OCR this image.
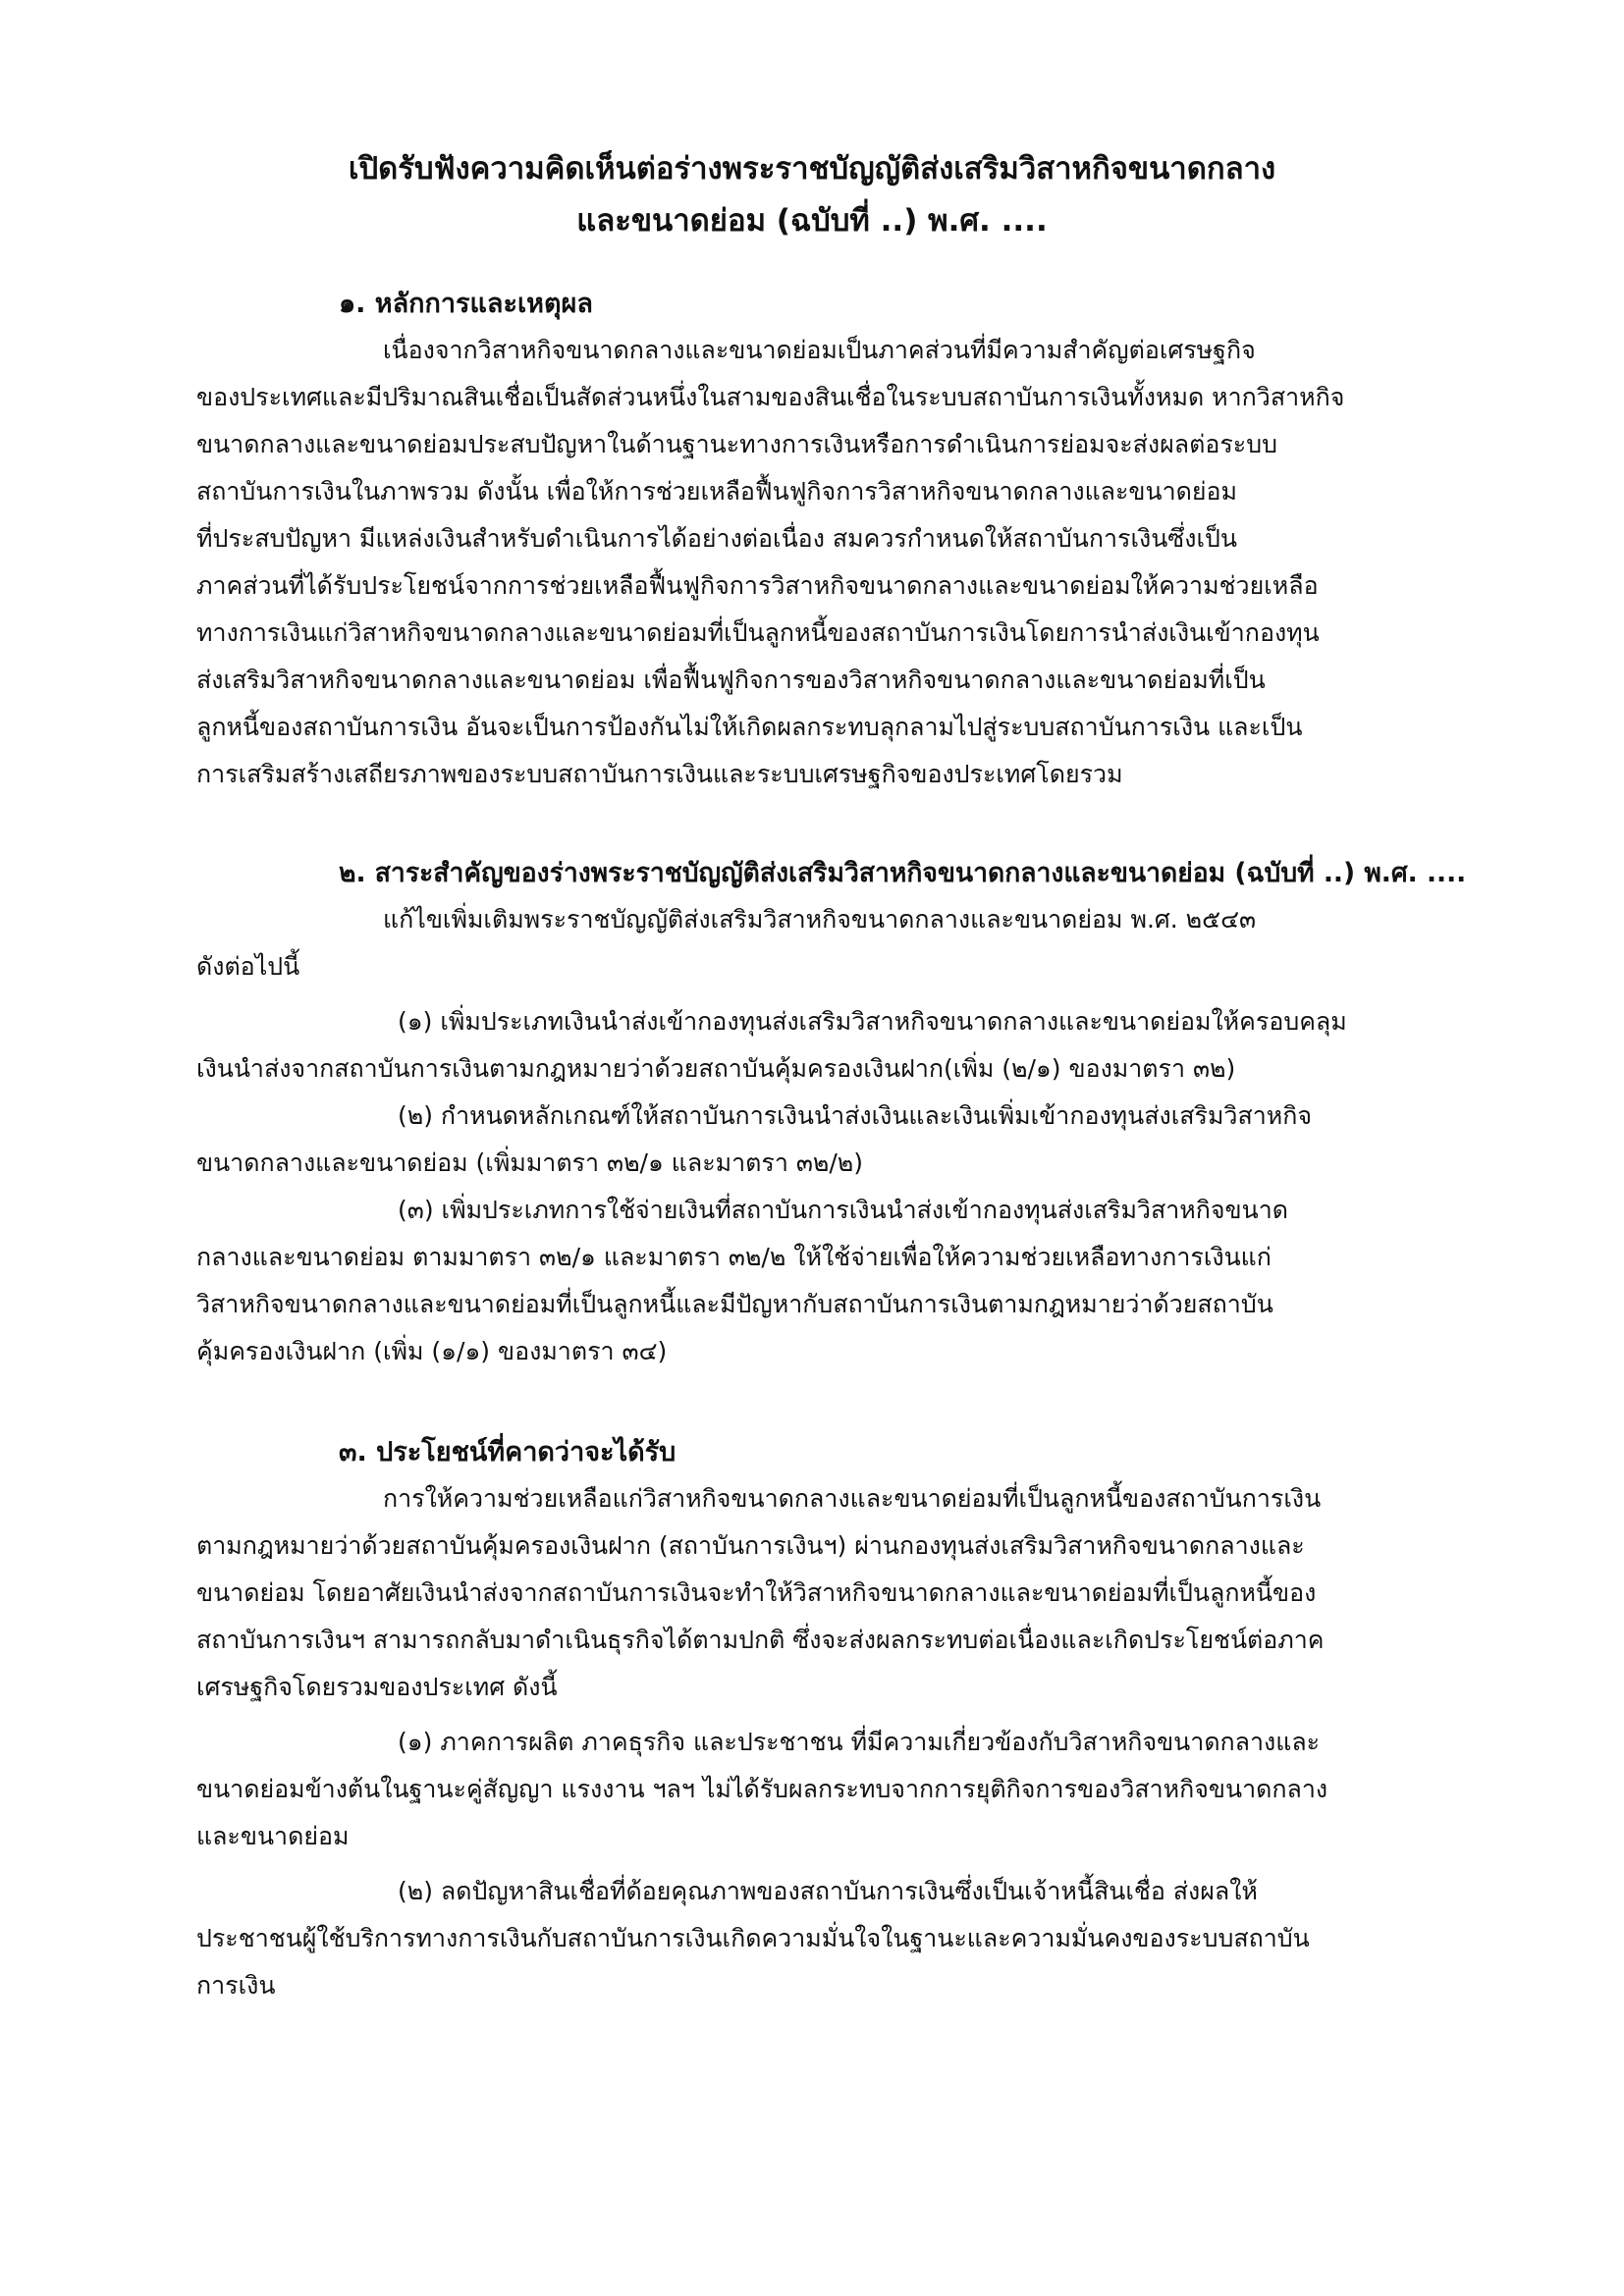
เปิดรับฟังความคิดเห็นต่อร่างพระราชบัญญัติส่งเสริมวิสาหกิจขนาดกลาง
และขนาดย่อม (ฉบับที่ ..) พ.ศ. ....
๑. หลักการและเหตุผล
เนื่องจากวิสาหกิจขนาดกลางและขนาดย่อมเป็นภาคส่วนที่มีความสำคัญต่อเศรษฐกิจ
ของประเทศและมีปริมาณสินเชื่อเป็นสัดส่วนหนึ่งในสามของสินเชื่อในระบบสถาบันการเงินทั้งหมด หากวิสาหกิจ
ขนาดกลางและขนาดย่อมประสบปัญหาในด้านฐานะทางการเงินหรือการดำเนินการย่อมจะส่งผลต่อระบบ
สถาบันการเงินในภาพรวม ดังนั้น เพื่อให้การช่วยเหลือฟื้นฟูกิจการวิสาหกิจขนาดกลางและขนาดย่อม
ที่ประสบปัญหา มีแหล่งเงินสำหรับดำเนินการได้อย่างต่อเนื่อง สมควรกำหนดให้สถาบันการเงินซึ่งเป็น
ภาคส่วนที่ได้รับประโยชน์จากการช่วยเหลือฟื้นฟูกิจการวิสาหกิจขนาดกลางและขนาดย่อมให้ความช่วยเหลือ
ทางการเงินแก่วิสาหกิจขนาดกลางและขนาดย่อมที่เป็นลูกหนี้ของสถาบันการเงินโดยการนำส่งเงินเข้ากองทุน
ส่งเสริมวิสาหกิจขนาดกลางและขนาดย่อม เพื่อฟื้นฟูกิจการของวิสาหกิจขนาดกลางและขนาดย่อมที่เป็น
ลูกหนี้ของสถาบันการเงิน อันจะเป็นการป้องกันไม่ให้เกิดผลกระทบลุกลามไปสู่ระบบสถาบันการเงิน และเป็น
การเสริมสร้างเสถียรภาพของระบบสถาบันการเงินและระบบเศรษฐกิจของประเทศโดยรวม
๒. สาระสำคัญของร่างพระราชบัญญัติส่งเสริมวิสาหกิจขนาดกลางและขนาดย่อม (ฉบับที่ ..) พ.ศ. ....
แก้ไขเพิ่มเติมพระราชบัญญัติส่งเสริมวิสาหกิจขนาดกลางและขนาดย่อม พ.ศ. ๒๕๔๓
ดังต่อไปนี้
(๑) เพิ่มประเภทเงินนำส่งเข้ากองทุนส่งเสริมวิสาหกิจขนาดกลางและขนาดย่อมให้ครอบคลุม
เงินนำส่งจากสถาบันการเงินตามกฎหมายว่าด้วยสถาบันคุ้มครองเงินฝาก(เพิ่ม (๒/๑) ของมาตรา ๓๒)
(๒) กำหนดหลักเกณฑ์ให้สถาบันการเงินนำส่งเงินและเงินเพิ่มเข้ากองทุนส่งเสริมวิสาหกิจ
ขนาดกลางและขนาดย่อม (เพิ่มมาตรา ๓๒/๑ และมาตรา ๓๒/๒)
(๓) เพิ่มประเภทการใช้จ่ายเงินที่สถาบันการเงินนำส่งเข้ากองทุนส่งเสริมวิสาหกิจขนาด
กลางและขนาดย่อม ตามมาตรา ๓๒/๑ และมาตรา ๓๒/๒ ให้ใช้จ่ายเพื่อให้ความช่วยเหลือทางการเงินแก่
วิสาหกิจขนาดกลางและขนาดย่อมที่เป็นลูกหนี้และมีปัญหากับสถาบันการเงินตามกฎหมายว่าด้วยสถาบัน
คุ้มครองเงินฝาก (เพิ่ม (๑/๑) ของมาตรา ๓๔)
๓. ประโยชน์ที่คาดว่าจะได้รับ
การให้ความช่วยเหลือแก่วิสาหกิจขนาดกลางและขนาดย่อมที่เป็นลูกหนี้ของสถาบันการเงิน
ตามกฎหมายว่าด้วยสถาบันคุ้มครองเงินฝาก (สถาบันการเงินฯ) ผ่านกองทุนส่งเสริมวิสาหกิจขนาดกลางและ
ขนาดย่อม โดยอาศัยเงินนำส่งจากสถาบันการเงินจะทำให้วิสาหกิจขนาดกลางและขนาดย่อมที่เป็นลูกหนี้ของ
สถาบันการเงินฯ สามารถกลับมาดำเนินธุรกิจได้ตามปกติ ซึ่งจะส่งผลกระทบต่อเนื่องและเกิดประโยชน์ต่อภาค
เศรษฐกิจโดยรวมของประเทศ ดังนี้
(๑) ภาคการผลิต ภาคธุรกิจ และประชาชน ที่มีความเกี่ยวข้องกับวิสาหกิจขนาดกลางและ
ขนาดย่อมข้างต้นในฐานะคู่สัญญา แรงงาน ฯลฯ ไม่ได้รับผลกระทบจากการยุติกิจการของวิสาหกิจขนาดกลาง
และขนาดย่อม
(๒) ลดปัญหาสินเชื่อที่ด้อยคุณภาพของสถาบันการเงินซึ่งเป็นเจ้าหนี้สินเชื่อ ส่งผลให้
ประชาชนผู้ใช้บริการทางการเงินกับสถาบันการเงินเกิดความมั่นใจในฐานะและความมั่นคงของระบบสถาบัน
การเงิน
